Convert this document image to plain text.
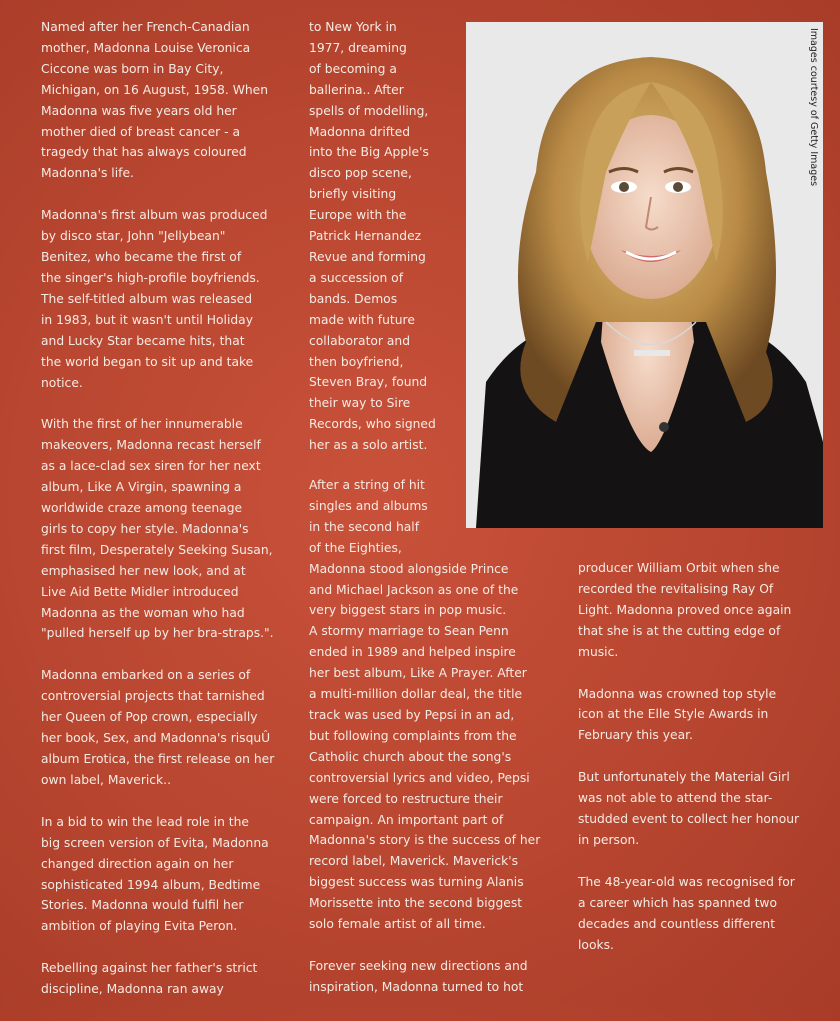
Named after her French-Canadian
mother, Madonna Louise Veronica
Ciccone was born in Bay City,
Michigan, on 16 August, 1958. When
Madonna was five years old her
mother died of breast cancer - a
tragedy that has always coloured
Madonna's life.

Madonna's first album was produced
by disco star, John "Jellybean"
Benitez, who became the first of
the singer's high-profile boyfriends.
The self-titled album was released
in 1983, but it wasn't until Holiday
and Lucky Star became hits, that
the world began to sit up and take
notice.

With the first of her innumerable
makeovers, Madonna recast herself
as a lace-clad sex siren for her next
album, Like A Virgin, spawning a
worldwide craze among teenage
girls to copy her style. Madonna's
first film, Desperately Seeking Susan,
emphasised her new look, and at
Live Aid Bette Midler introduced
Madonna as the woman who had
"pulled herself up by her bra-straps.".

Madonna embarked on a series of
controversial projects that tarnished
her Queen of Pop crown, especially
her book, Sex, and Madonna's risquÛ
album Erotica, the first release on her
own label, Maverick..

In a bid to win the lead role in the
big screen version of Evita, Madonna
changed direction again on her
sophisticated 1994 album, Bedtime
Stories. Madonna would fulfil her
ambition of playing Evita Peron.

Rebelling against her father's strict
discipline, Madonna ran away

to New York in
1977, dreaming
of becoming a
ballerina.. After
spells of modelling,
Madonna drifted
into the Big Apple's
disco pop scene,
briefly visiting
Europe with the
Patrick Hernandez
Revue and forming
a succession of
bands. Demos
made with future
collaborator and
then boyfriend,
Steven Bray, found
their way to Sire
Records, who signed
her as a solo artist.

After a string of hit
singles and albums
in the second half
of the Eighties,
Madonna stood alongside Prince
and Michael Jackson as one of the
very biggest stars in pop music.
A stormy marriage to Sean Penn
ended in 1989 and helped inspire
her best album, Like A Prayer. After
a multi-million dollar deal, the title
track was used by Pepsi in an ad,
but following complaints from the
Catholic church about the song's
controversial lyrics and video, Pepsi
were forced to restructure their
campaign. An important part of
Madonna's story is the success of her
record label, Maverick. Maverick's
biggest success was turning Alanis
Morissette into the second biggest
solo female artist of all time.

Forever seeking new directions and
inspiration, Madonna turned to hot

producer William Orbit when she
recorded the revitalising Ray Of
Light. Madonna proved once again
that she is at the cutting edge of
music.

Madonna was crowned top style
icon at the Elle Style Awards in
February this year.

But unfortunately the Material Girl
was not able to attend the star-
studded event to collect her honour
in person.

The 48-year-old was recognised for
a career which has spanned two
decades and countless different
looks.

Images courtesy of Getty Images
